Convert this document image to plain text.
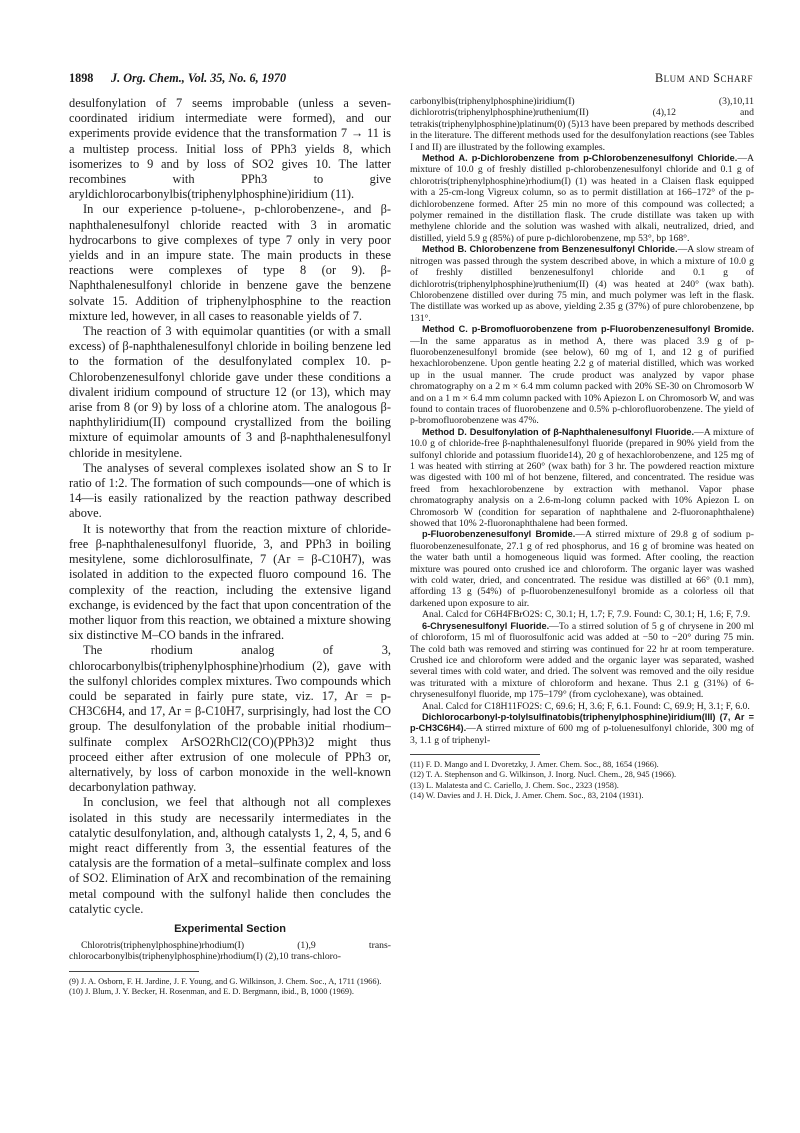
1898 J. Org. Chem., Vol. 35, No. 6, 1970	Blum and Scharf

desulfonylation of 7 seems improbable (unless a seven-coordinated iridium intermediate were formed), and our experiments provide evidence that the transformation 7 → 11 is a multistep process. Initial loss of PPh3 yields 8, which isomerizes to 9 and by loss of SO2 gives 10. The latter recombines with PPh3 to give aryldichlorocarbonylbis(triphenylphosphine)iridium (11).

In our experience p-toluene-, p-chlorobenzene-, and β-naphthalenesulfonyl chloride reacted with 3 in aromatic hydrocarbons to give complexes of type 7 only in very poor yields and in an impure state. The main products in these reactions were complexes of type 8 (or 9). β-Naphthalenesulfonyl chloride in benzene gave the benzene solvate 15. Addition of triphenylphosphine to the reaction mixture led, however, in all cases to reasonable yields of 7.

The reaction of 3 with equimolar quantities (or with a small excess) of β-naphthalenesulfonyl chloride in boiling benzene led to the formation of the desulfonylated complex 10. p-Chlorobenzenesulfonyl chloride gave under these conditions a divalent iridium compound of structure 12 (or 13), which may arise from 8 (or 9) by loss of a chlorine atom. The analogous β-naphthyliridium(II) compound crystallized from the boiling mixture of equimolar amounts of 3 and β-naphthalenesulfonyl chloride in mesitylene.

The analyses of several complexes isolated show an S to Ir ratio of 1:2. The formation of such compounds—one of which is 14—is easily rationalized by the reaction pathway described above.

It is noteworthy that from the reaction mixture of chloride-free β-naphthalenesulfonyl fluoride, 3, and PPh3 in boiling mesitylene, some dichlorosulfinate, 7 (Ar = β-C10H7), was isolated in addition to the expected fluoro compound 16. The complexity of the reaction, including the extensive ligand exchange, is evidenced by the fact that upon concentration of the mother liquor from this reaction, we obtained a mixture showing six distinctive M–CO bands in the infrared.

The rhodium analog of 3, chlorocarbonylbis(triphenylphosphine)rhodium (2), gave with the sulfonyl chlorides complex mixtures. Two compounds which could be separated in fairly pure state, viz. 17, Ar = p-CH3C6H4, and 17, Ar = β-C10H7, surprisingly, had lost the CO group. The desulfonylation of the probable initial rhodium–sulfinate complex ArSO2RhCl2(CO)(PPh3)2 might thus proceed either after extrusion of one molecule of PPh3 or, alternatively, by loss of carbon monoxide in the well-known decarbonylation pathway.

In conclusion, we feel that although not all complexes isolated in this study are necessarily intermediates in the catalytic desulfonylation, and, although catalysts 1, 2, 4, 5, and 6 might react differently from 3, the essential features of the catalysis are the formation of a metal–sulfinate complex and loss of SO2. Elimination of ArX and recombination of the remaining metal compound with the sulfonyl halide then concludes the catalytic cycle.

Experimental Section

Chlorotris(triphenylphosphine)rhodium(I) (1),9 trans-chlorocarbonylbis(triphenylphosphine)rhodium(I) (2),10 trans-chloro-

(9) J. A. Osborn, F. H. Jardine, J. F. Young, and G. Wilkinson, J. Chem. Soc., A, 1711 (1966).

(10) J. Blum, J. Y. Becker, H. Rosenman, and E. D. Bergmann, ibid., B, 1000 (1969).

carbonylbis(triphenylphosphine)iridium(I) (3),10,11 dichlorotris(triphenylphosphine)ruthenium(II) (4),12 and tetrakis(triphenylphosphine)platinum(0) (5)13 have been prepared by methods described in the literature. The different methods used for the desulfonylation reactions (see Tables I and II) are illustrated by the following examples.

Method A. p-Dichlorobenzene from p-Chlorobenzenesulfonyl Chloride.—A mixture of 10.0 g of freshly distilled p-chlorobenzenesulfonyl chloride and 0.1 g of chlorotris(triphenylphosphine)rhodium(I) (1) was heated in a Claisen flask equipped with a 25-cm-long Vigreux column, so as to permit distillation at 166–172° of the p-dichlorobenzene formed. After 25 min no more of this compound was collected; a polymer remained in the distillation flask. The crude distillate was taken up with methylene chloride and the solution was washed with alkali, neutralized, dried, and distilled, yield 5.9 g (85%) of pure p-dichlorobenzene, mp 53°, bp 168°.

Method B. Chlorobenzene from Benzenesulfonyl Chloride.—A slow stream of nitrogen was passed through the system described above, in which a mixture of 10.0 g of freshly distilled benzenesulfonyl chloride and 0.1 g of dichlorotris(triphenylphosphine)ruthenium(II) (4) was heated at 240° (wax bath). Chlorobenzene distilled over during 75 min, and much polymer was left in the flask. The distillate was worked up as above, yielding 2.35 g (37%) of pure chlorobenzene, bp 131°.

Method C. p-Bromofluorobenzene from p-Fluorobenzenesulfonyl Bromide.—In the same apparatus as in method A, there was placed 3.9 g of p-fluorobenzenesulfonyl bromide (see below), 60 mg of 1, and 12 g of purified hexachlorobenzene. Upon gentle heating 2.2 g of material distilled, which was worked up in the usual manner. The crude product was analyzed by vapor phase chromatography on a 2 m × 6.4 mm column packed with 20% SE-30 on Chromosorb W and on a 1 m × 6.4 mm column packed with 10% Apiezon L on Chromosorb W, and was found to contain traces of fluorobenzene and 0.5% p-chlorofluorobenzene. The yield of p-bromofluorobenzene was 47%.

Method D. Desulfonylation of β-Naphthalenesulfonyl Fluoride.—A mixture of 10.0 g of chloride-free β-naphthalenesulfonyl fluoride (prepared in 90% yield from the sulfonyl chloride and potassium fluoride14), 20 g of hexachlorobenzene, and 125 mg of 1 was heated with stirring at 260° (wax bath) for 3 hr. The powdered reaction mixture was digested with 100 ml of hot benzene, filtered, and concentrated. The residue was freed from hexachlorobenzene by extraction with methanol. Vapor phase chromatography analysis on a 2.6-m-long column packed with 10% Apiezon L on Chromosorb W (condition for separation of naphthalene and 2-fluoronaphthalene) showed that 10% 2-fluoronaphthalene had been formed.

p-Fluorobenzenesulfonyl Bromide.—A stirred mixture of 29.8 g of sodium p-fluorobenzenesulfonate, 27.1 g of red phosphorus, and 16 g of bromine was heated on the water bath until a homogeneous liquid was formed. After cooling, the reaction mixture was poured onto crushed ice and chloroform. The organic layer was washed with cold water, dried, and concentrated. The residue was distilled at 66° (0.1 mm), affording 13 g (54%) of p-fluorobenzenesulfonyl bromide as a colorless oil that darkened upon exposure to air.

Anal. Calcd for C6H4FBrO2S: C, 30.1; H, 1.7; F, 7.9. Found: C, 30.1; H, 1.6; F, 7.9.

6-Chrysenesulfonyl Fluoride.—To a stirred solution of 5 g of chrysene in 200 ml of chloroform, 15 ml of fluorosulfonic acid was added at −50 to −20° during 75 min. The cold bath was removed and stirring was continued for 22 hr at room temperature. Crushed ice and chloroform were added and the organic layer was separated, washed several times with cold water, and dried. The solvent was removed and the oily residue was triturated with a mixture of chloroform and hexane. Thus 2.1 g (31%) of 6-chrysenesulfonyl fluoride, mp 175–179° (from cyclohexane), was obtained.

Anal. Calcd for C18H11FO2S: C, 69.6; H, 3.6; F, 6.1. Found: C, 69.9; H, 3.1; F, 6.0.

Dichlorocarbonyl-p-tolylsulfinatobis(triphenylphosphine)iridium(III) (7, Ar = p-CH3C6H4).—A stirred mixture of 600 mg of p-toluenesulfonyl chloride, 300 mg of 3, 1.1 g of triphenyl-

(11) F. D. Mango and I. Dvoretzky, J. Amer. Chem. Soc., 88, 1654 (1966).

(12) T. A. Stephenson and G. Wilkinson, J. Inorg. Nucl. Chem., 28, 945 (1966).

(13) L. Malatesta and C. Cariello, J. Chem. Soc., 2323 (1958).

(14) W. Davies and J. H. Dick, J. Amer. Chem. Soc., 83, 2104 (1931).
